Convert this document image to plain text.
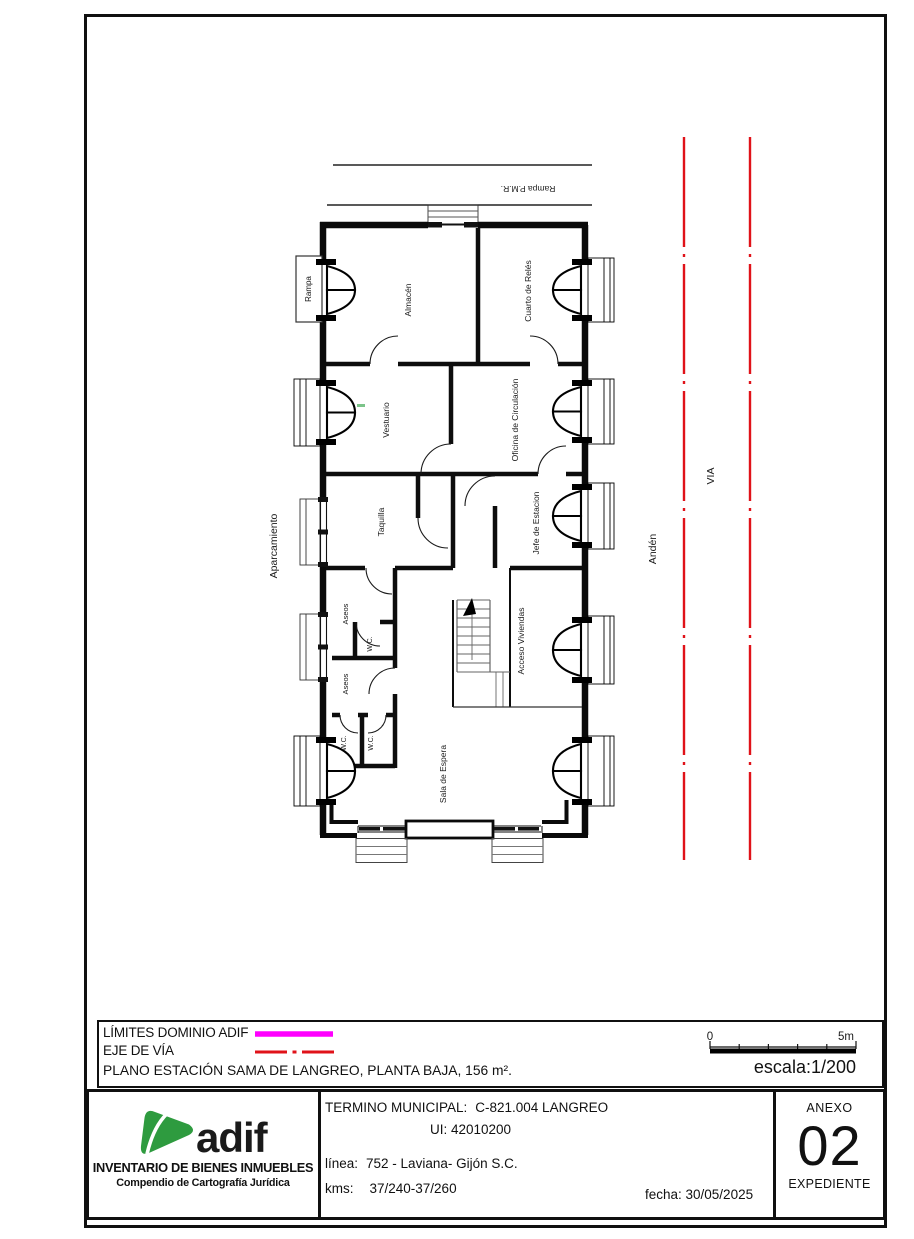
Rampa P.M.R.
Rampa	Almacén	Cuarto de Relés
Vestuario	Oficina de Circulación
Taquilla	Jefe de Estacion
Aseos
W.C.
Aseos
W.C.	W.C.
Acceso Viviendas
Sala de Espera
Aparcamiento	Andén
VIA
0	5m
adif
LÍMITES DOMINIO ADIF
EJE DE VÍA
PLANO ESTACIÓN SAMA DE LANGREO, PLANTA BAJA, 156 m².	escala:1/200
TERMINO MUNICIPAL: C-821.004 LANGREO
UI: 42010200
línea: 752 - Laviana- Gijón S.C.
kms: 37/240-37/260	fecha: 30/05/2025
ANEXO
02
EXPEDIENTE
INVENTARIO DE BIENES INMUEBLES
Compendio de Cartografía Jurídica
